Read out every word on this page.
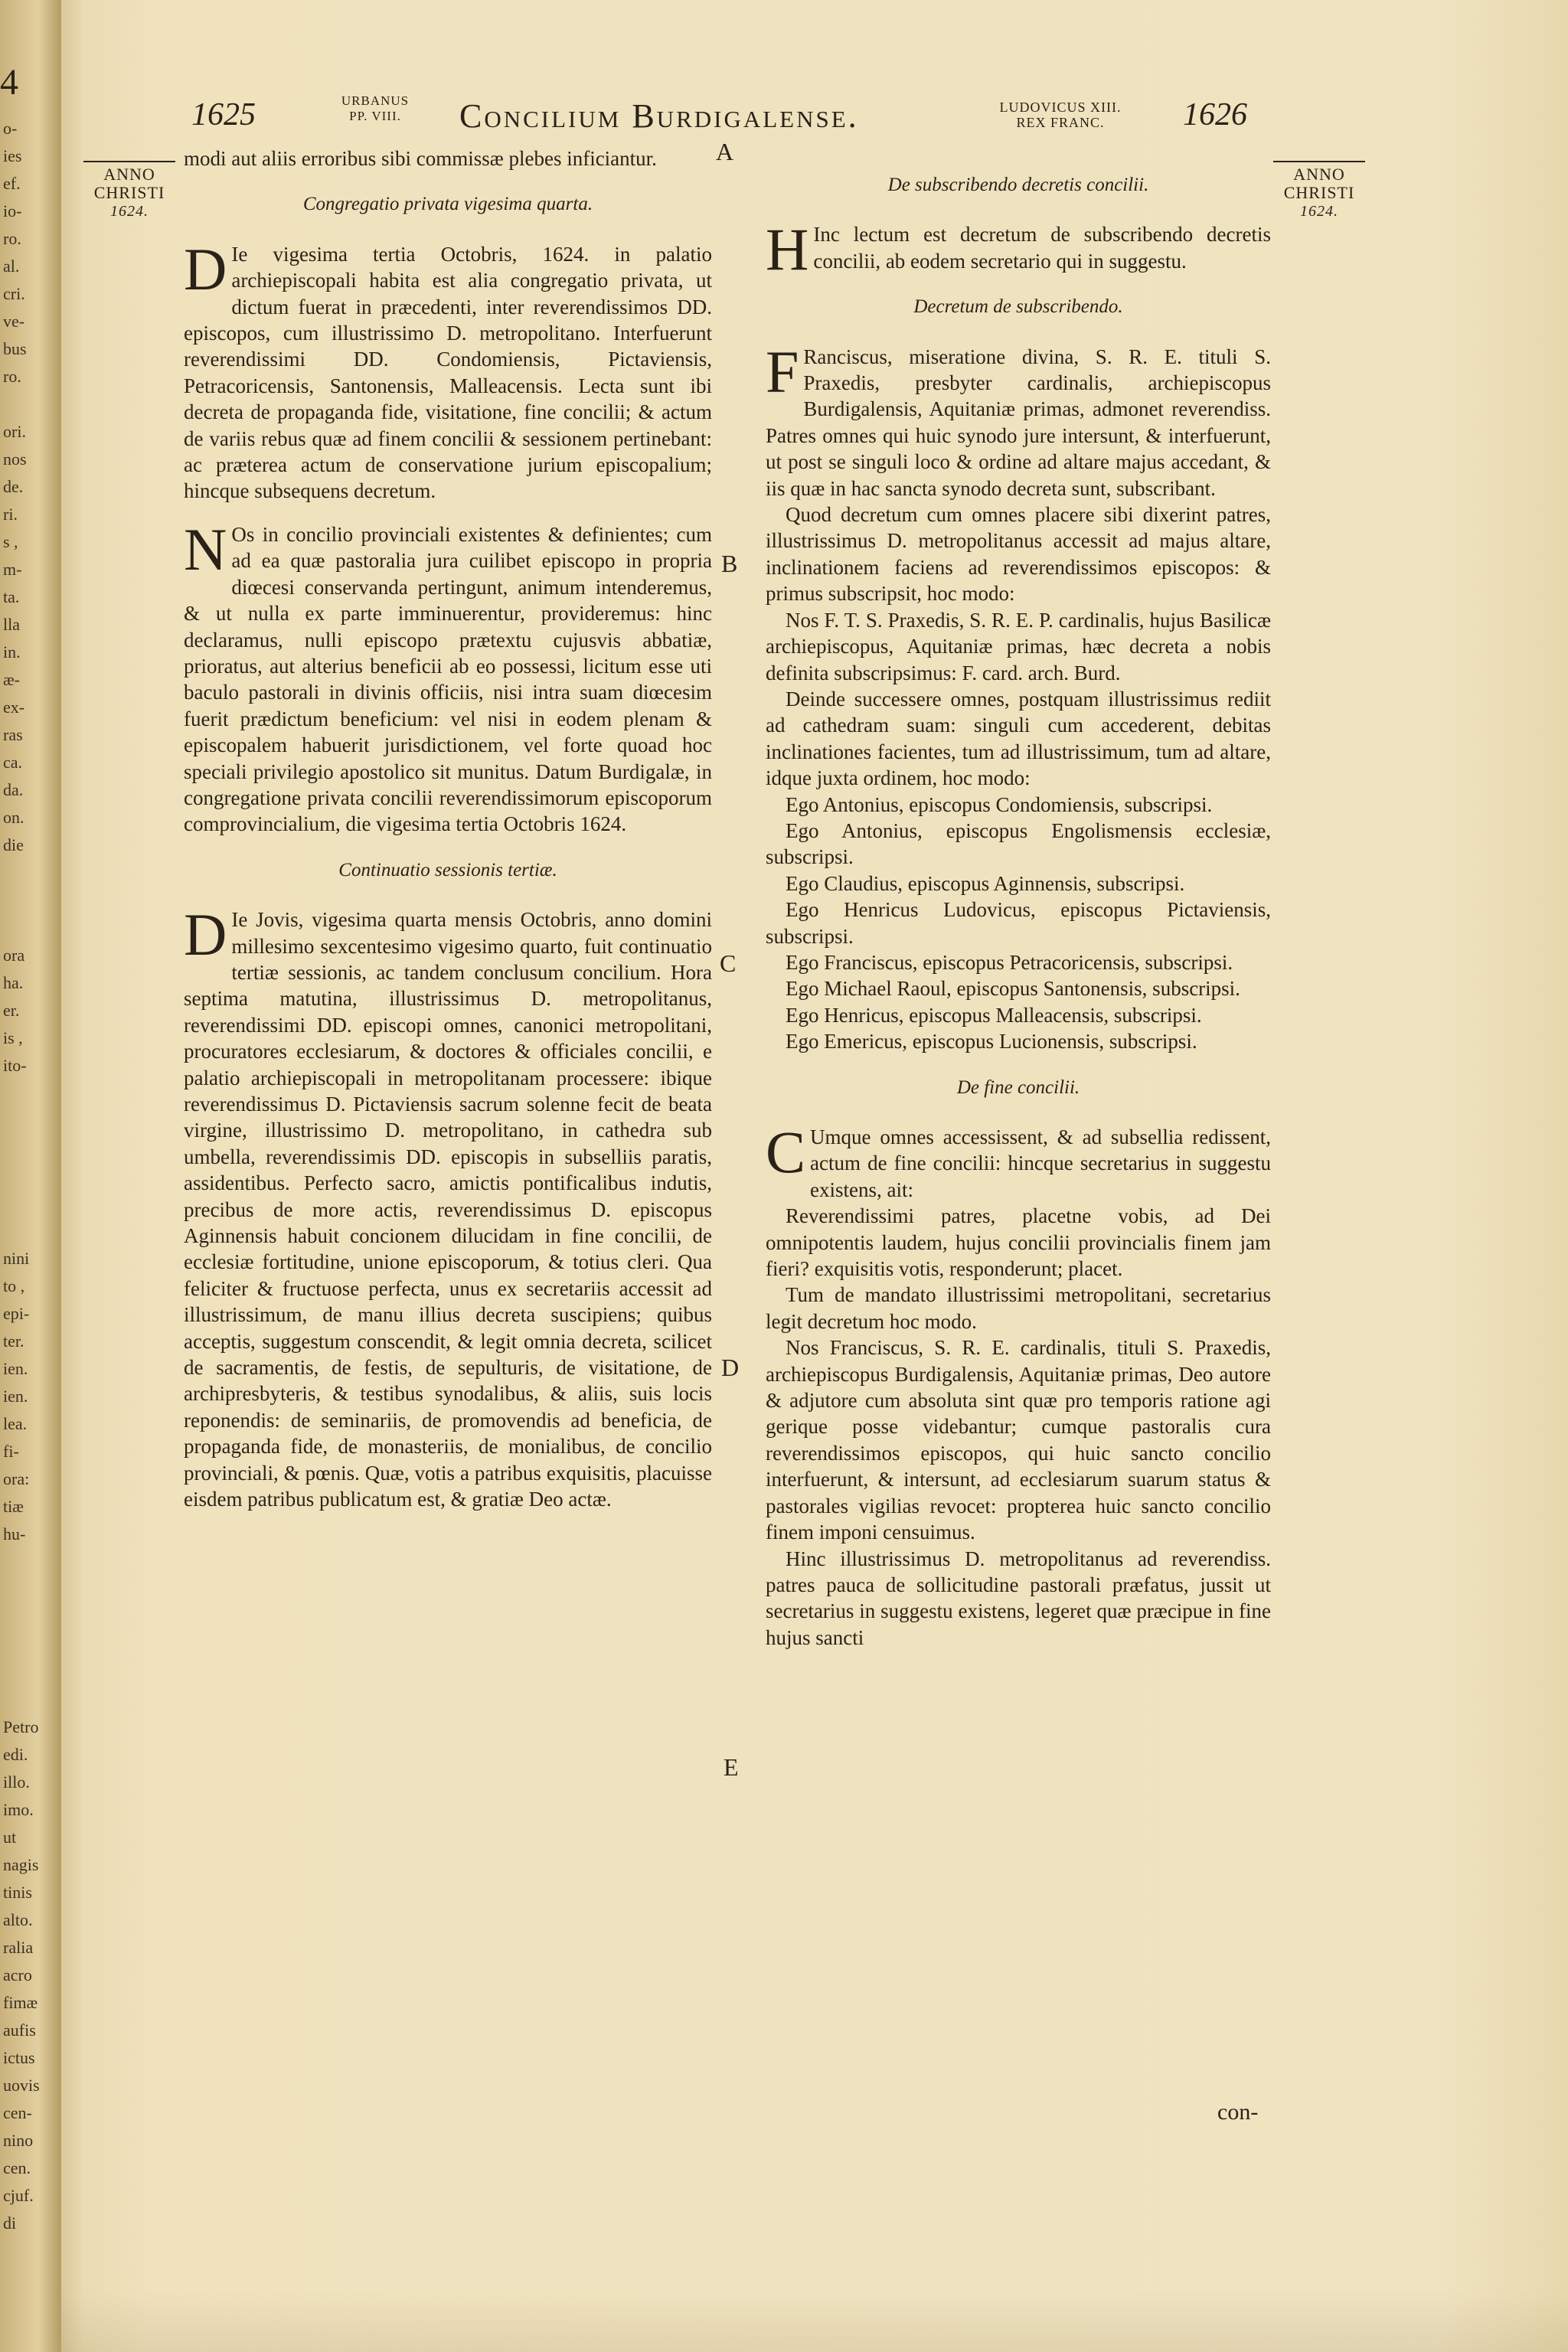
4
o-
ies
ef.
io-
ro.
al.
cri.
ve-
bus
ro.
ori.
nos
de.
ri.
s ,
m-
ta.
lla
in.
æ-
ex-
ras
ca.
da.
on.
die
ora
ha.
er.
is ,
ito-
nini
to ,
epi-
ter.
ien.
ien.
lea.
fi-
ora:
tiæ
hu-
Petro
edi.
illo.
imo.
ut
nagis
tinis
alto.
ralia
acro
fimæ
aufis
ictus
uovis
cen-
nino
cen.
cjuf.
di
1625	URBANUS
PP. VIII.	Concilium Burdigalense.	LUDOVICUS XIII.
REX FRANC.	1626
ANNO
CHRISTI
1624.
ANNO
CHRISTI
1624.
A
B
C
D
E

modi aut aliis erroribus sibi commissæ plebes inficiantur.

Congregatio privata vigesima quarta.

D Ie vigesima tertia Octobris, 1624. in palatio archiepiscopali habita est alia congregatio privata, ut dictum fuerat in præcedenti, inter reverendissimos DD. episcopos, cum illustrissimo D. metropolitano. Interfuerunt reverendissimi DD. Condomiensis, Pictaviensis, Petracoricensis, Santonensis, Malleacensis. Lecta sunt ibi decreta de propaganda fide, visitatione, fine concilii; & actum de variis rebus quæ ad finem concilii & sessionem pertinebant: ac præterea actum de conservatione jurium episcopalium; hincque subsequens decretum.

N Os in concilio provinciali existentes & definientes; cum ad ea quæ pastoralia jura cuilibet episcopo in propria diœcesi conservanda pertingunt, animum intenderemus, & ut nulla ex parte imminuerentur, provideremus: hinc declaramus, nulli episcopo prætextu cujusvis abbatiæ, prioratus, aut alterius beneficii ab eo possessi, licitum esse uti baculo pastorali in divinis officiis, nisi intra suam diœcesim fuerit prædictum beneficium: vel nisi in eodem plenam & episcopalem habuerit jurisdictionem, vel forte quoad hoc speciali privilegio apostolico sit munitus. Datum Burdigalæ, in congregatione privata concilii reverendissimorum episcoporum comprovincialium, die vigesima tertia Octobris 1624.

Continuatio sessionis tertiæ.

D Ie Jovis, vigesima quarta mensis Octobris, anno domini millesimo sexcentesimo vigesimo quarto, fuit continuatio tertiæ sessionis, ac tandem conclusum concilium. Hora septima matutina, illustrissimus D. metropolitanus, reverendissimi DD. episcopi omnes, canonici metropolitani, procuratores ecclesiarum, & doctores & officiales concilii, e palatio archiepiscopali in metropolitanam processere: ibique reverendissimus D. Pictaviensis sacrum solenne fecit de beata virgine, illustrissimo D. metropolitano, in cathedra sub umbella, reverendissimis DD. episcopis in subselliis paratis, assidentibus. Perfecto sacro, amictis pontificalibus indutis, precibus de more actis, reverendissimus D. episcopus Aginnensis habuit concionem dilucidam in fine concilii, de ecclesiæ fortitudine, unione episcoporum, & totius cleri. Qua feliciter & fructuose perfecta, unus ex secretariis accessit ad illustrissimum, de manu illius decreta suscipiens; quibus acceptis, suggestum conscendit, & legit omnia decreta, scilicet de sacramentis, de festis, de sepulturis, de visitatione, de archipresbyteris, & testibus synodalibus, & aliis, suis locis reponendis: de seminariis, de promovendis ad beneficia, de propaganda fide, de monasteriis, de monialibus, de concilio provinciali, & pœnis. Quæ, votis a patribus exquisitis, placuisse eisdem patribus publicatum est, & gratiæ Deo actæ.

De subscribendo decretis concilii.

H Inc lectum est decretum de subscribendo decretis concilii, ab eodem secretario qui in suggestu.

Decretum de subscribendo.

F Ranciscus, miseratione divina, S. R. E. tituli S. Praxedis, presbyter cardinalis, archiepiscopus Burdigalensis, Aquitaniæ primas, admonet reverendiss. Patres omnes qui huic synodo jure intersunt, & interfuerunt, ut post se singuli loco & ordine ad altare majus accedant, & iis quæ in hac sancta synodo decreta sunt, subscribant.

Quod decretum cum omnes placere sibi dixerint patres, illustrissimus D. metropolitanus accessit ad majus altare, inclinationem faciens ad reverendissimos episcopos: & primus subscripsit, hoc modo:

Nos F. T. S. Praxedis, S. R. E. P. cardinalis, hujus Basilicæ archiepiscopus, Aquitaniæ primas, hæc decreta a nobis definita subscripsimus: F. card. arch. Burd.

Deinde successere omnes, postquam illustrissimus rediit ad cathedram suam: singuli cum accederent, debitas inclinationes facientes, tum ad illustrissimum, tum ad altare, idque juxta ordinem, hoc modo:

Ego Antonius, episcopus Condomiensis, subscripsi.

Ego Antonius, episcopus Engolismensis ecclesiæ, subscripsi.

Ego Claudius, episcopus Aginnensis, subscripsi.

Ego Henricus Ludovicus, episcopus Pictaviensis, subscripsi.

Ego Franciscus, episcopus Petracoricensis, subscripsi.

Ego Michael Raoul, episcopus Santonensis, subscripsi.

Ego Henricus, episcopus Malleacensis, subscripsi.

Ego Emericus, episcopus Lucionensis, subscripsi.

De fine concilii.

C Umque omnes accessissent, & ad subsellia redissent, actum de fine concilii: hincque secretarius in suggestu existens, ait:

Reverendissimi patres, placetne vobis, ad Dei omnipotentis laudem, hujus concilii provincialis finem jam fieri? exquisitis votis, responderunt; placet.

Tum de mandato illustrissimi metropolitani, secretarius legit decretum hoc modo.

Nos Franciscus, S. R. E. cardinalis, tituli S. Praxedis, archiepiscopus Burdigalensis, Aquitaniæ primas, Deo autore & adjutore cum absoluta sint quæ pro temporis ratione agi gerique posse videbantur; cumque pastoralis cura reverendissimos episcopos, qui huic sancto concilio interfuerunt, & intersunt, ad ecclesiarum suarum status & pastorales vigilias revocet: propterea huic sancto concilio finem imponi censuimus.

Hinc illustrissimus D. metropolitanus ad reverendiss. patres pauca de sollicitudine pastorali præfatus, jussit ut secretarius in suggestu existens, legeret quæ præcipue in fine hujus sancti

con-
